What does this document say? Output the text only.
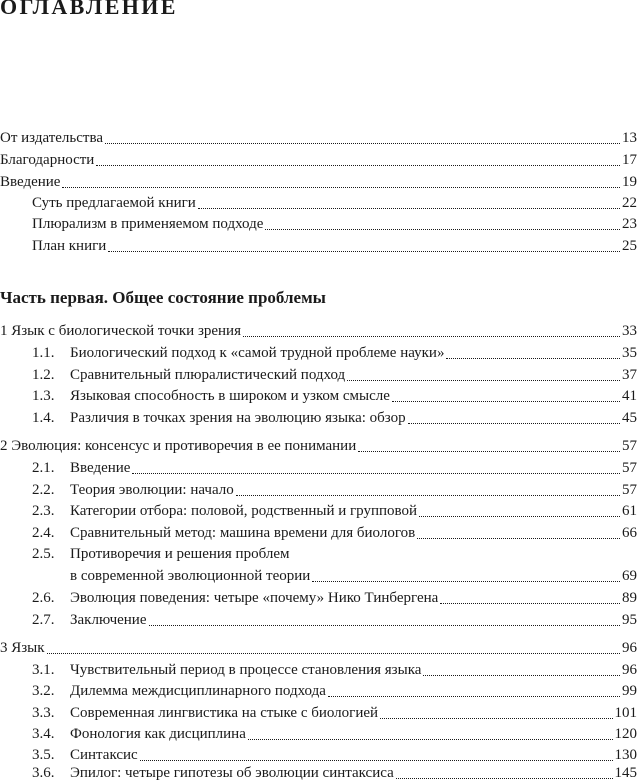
ОГЛАВЛЕНИЕ
От издательства	13
Благодарности	17
Введение	19
Суть предлагаемой книги	22
Плюрализм в применяемом подходе	23
План книги	25
Часть первая. Общее состояние проблемы
1 Язык с биологической точки зрения	33
1.1. Биологический подход к «самой трудной проблеме науки»	35
1.2. Сравнительный плюралистический подход	37
1.3. Языковая способность в широком и узком смысле	41
1.4. Различия в точках зрения на эволюцию языка: обзор	45
2 Эволюция: консенсус и противоречия в ее понимании	57
2.1. Введение	57
2.2. Теория эволюции: начало	57
2.3. Категории отбора: половой, родственный и групповой	61
2.4. Сравнительный метод: машина времени для биологов	66
2.5. Противоречия и решения проблем
в современной эволюционной теории	69
2.6. Эволюция поведения: четыре «почему» Нико Тинбергена	89
2.7. Заключение	95
3 Язык	96
3.1. Чувствительный период в процессе становления языка	96
3.2. Дилемма междисциплинарного подхода	99
3.3. Современная лингвистика на стыке с биологией	101
3.4. Фонология как дисциплина	120
3.5. Синтаксис	130
3.6. Эпилог: четыре гипотезы об эволюции синтаксиса	145
